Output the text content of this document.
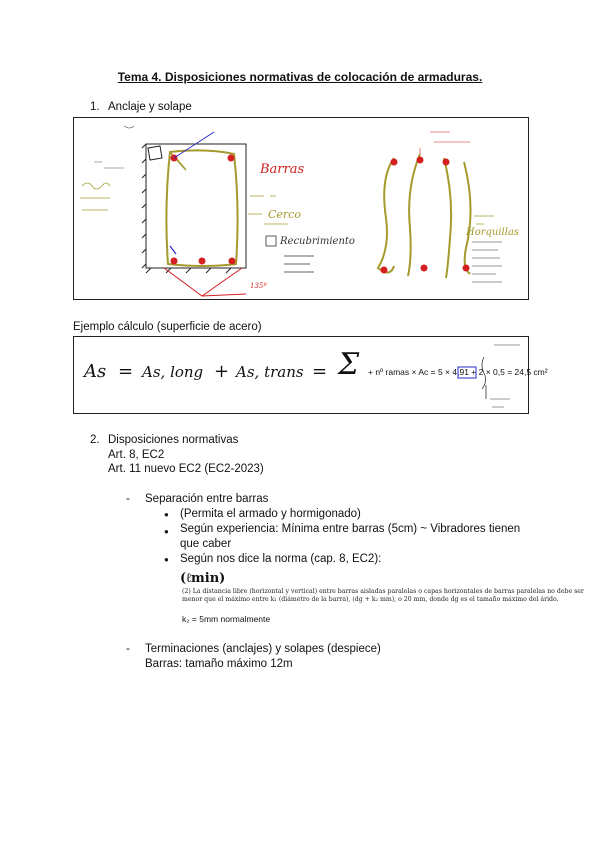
Tema 4. Disposiciones normativas de colocación de armaduras.
1. Anclaje y solape
Barras
Cerco
Recubrimiento
Horquillas
135º
Ejemplo cálculo (superficie de acero)
As = As, long + As, trans = Σ + nº ramas × Ac = 5 × 4,91 + 2 × 0,5 = 24,5 cm²
2. Disposiciones normativas
Art. 8, EC2
Art. 11 nuevo EC2 (EC2-2023)
- Separación entre barras
● (Permita el armado y hormigonado)
● Según experiencia: Mínima entre barras (5cm) ~ Vibradores tienen que caber
● Según nos dice la norma (cap. 8, EC2):
(ℓmin)
(2) La distancia libre (horizontal y vertical) entre barras aisladas paralelas o capas horizontales de barras paralelas no debe ser menor que el máximo entre k₁ (diámetro de la barra), (dg + k₂ mm), o 20 mm, donde dg es el tamaño máximo del árido.
k₂ = 5mm normalmente
- Terminaciones (anclajes) y solapes (despiece)
Barras: tamaño máximo 12m
